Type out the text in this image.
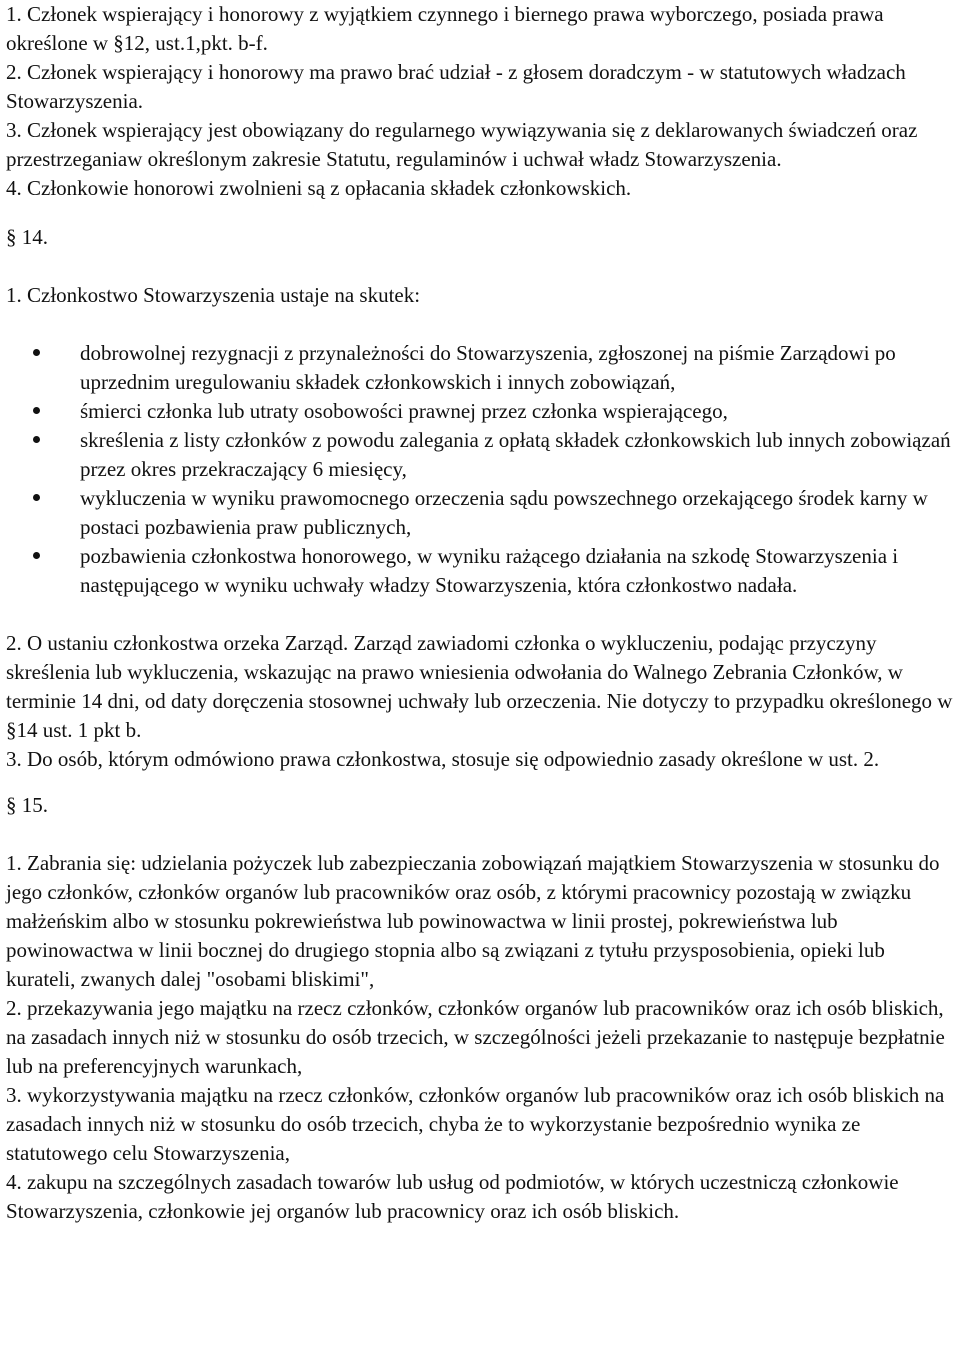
1. Członek wspierający i honorowy z wyjątkiem czynnego i biernego prawa wyborczego, posiada prawa określone w §12, ust.1,pkt. b-f.

2. Członek wspierający i honorowy ma prawo brać udział - z głosem doradczym - w statutowych władzach Stowarzyszenia.

3. Członek wspierający jest obowiązany do regularnego wywiązywania się z deklarowanych świadczeń oraz przestrzeganiaw określonym zakresie Statutu, regulaminów i uchwał władz Stowarzyszenia.

4. Członkowie honorowi zwolnieni są z opłacania składek członkowskich.

§ 14.

1. Członkostwo Stowarzyszenia ustaje na skutek:

dobrowolnej rezygnacji z przynależności do Stowarzyszenia, zgłoszonej na piśmie Zarządowi po uprzednim uregulowaniu składek członkowskich i innych zobowiązań,
śmierci członka lub utraty osobowości prawnej przez członka wspierającego,
skreślenia z listy członków z powodu zalegania z opłatą składek członkowskich lub innych zobowiązań przez okres przekraczający 6 miesięcy,
wykluczenia w wyniku prawomocnego orzeczenia sądu powszechnego orzekającego środek karny w postaci pozbawienia praw publicznych,
pozbawienia członkostwa honorowego, w wyniku rażącego działania na szkodę Stowarzyszenia i następującego w wyniku uchwały władzy Stowarzyszenia, która członkostwo nadała.

2. O ustaniu członkostwa orzeka Zarząd. Zarząd zawiadomi członka o wykluczeniu, podając przyczyny skreślenia lub wykluczenia, wskazując na prawo wniesienia odwołania do Walnego Zebrania Członków, w terminie 14 dni, od daty doręczenia stosownej uchwały lub orzeczenia. Nie dotyczy to przypadku określonego w §14 ust. 1 pkt b.

3. Do osób, którym odmówiono prawa członkostwa, stosuje się odpowiednio zasady określone w ust. 2.

§ 15.

1. Zabrania się: udzielania pożyczek lub zabezpieczania zobowiązań majątkiem Stowarzyszenia w stosunku do jego członków, członków organów lub pracowników oraz osób, z którymi pracownicy pozostają w związku małżeńskim albo w stosunku pokrewieństwa lub powinowactwa w linii prostej, pokrewieństwa lub powinowactwa w linii bocznej do drugiego stopnia albo są związani z tytułu przysposobienia, opieki lub kurateli, zwanych dalej "osobami bliskimi",

2. przekazywania jego majątku na rzecz członków, członków organów lub pracowników oraz ich osób bliskich, na zasadach innych niż w stosunku do osób trzecich, w szczególności jeżeli przekazanie to następuje bezpłatnie lub na preferencyjnych warunkach,

3. wykorzystywania majątku na rzecz członków, członków organów lub pracowników oraz ich osób bliskich na zasadach innych niż w stosunku do osób trzecich, chyba że to wykorzystanie bezpośrednio wynika ze statutowego celu Stowarzyszenia,

4. zakupu na szczególnych zasadach towarów lub usług od podmiotów, w których uczestniczą członkowie Stowarzyszenia, członkowie jej organów lub pracownicy oraz ich osób bliskich.
